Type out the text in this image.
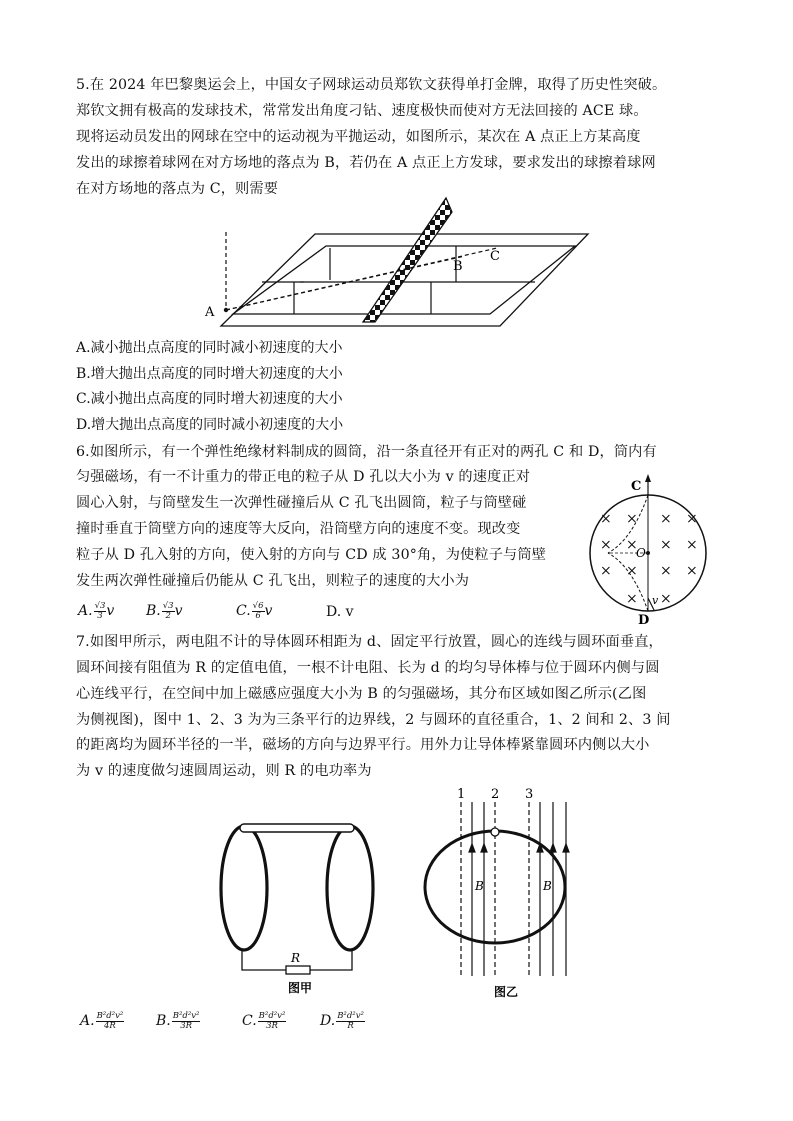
5.在 2024 年巴黎奥运会上，中国女子网球运动员郑钦文获得单打金牌，取得了历史性突破。
郑钦文拥有极高的发球技术，常常发出角度刁钻、速度极快而使对方无法回接的 ACE 球。
现将运动员发出的网球在空中的运动视为平抛运动，如图所示，某次在 A 点正上方某高度
发出的球擦着球网在对方场地的落点为 B，若仍在 A 点正上方发球，要求发出的球擦着球网
在对方场地的落点为 C，则需要
A
B
C
A.减小抛出点高度的同时减小初速度的大小
B.增大抛出点高度的同时增大初速度的大小
C.减小抛出点高度的同时增大初速度的大小
D.增大抛出点高度的同时减小初速度的大小
6.如图所示，有一个弹性绝缘材料制成的圆筒，沿一条直径开有正对的两孔 C 和 D，筒内有
匀强磁场，有一不计重力的带正电的粒子从 D 孔以大小为 v 的速度正对
圆心入射，与筒壁发生一次弹性碰撞后从 C 孔飞出圆筒，粒子与筒壁碰
撞时垂直于筒壁方向的速度等大反向，沿筒壁方向的速度不变。现改变
粒子从 D 孔入射的方向，使入射的方向与 CD 成 30°角，为使粒子与筒壁
发生两次弹性碰撞后仍能从 C 孔飞出，则粒子的速度的大小为
C
D
O
v
× × × ×
× × × ×
× × × ×
× ×
A. $\frac{√3}{3}$ v B. $\frac{√3}{2}$ v	C. $\frac{√6}{6}$ v	D. v
7.如图甲所示，两电阻不计的导体圆环相距为 d、固定平行放置，圆心的连线与圆环面垂直，
圆环间接有阻值为 R 的定值电值，一根不计电阻、长为 d 的均匀导体棒与位于圆环内侧与圆
心连线平行，在空间中加上磁感应强度大小为 B 的匀强磁场，其分布区域如图乙所示(乙图
为侧视图)，图中 1、2、3 为为三条平行的边界线，2 与圆环的直径重合，1、2 间和 2、3 间
的距离均为圆环半径的一半，磁场的方向与边界平行。用外力让导体棒紧靠圆环内侧以大小
为 v 的速度做匀速圆周运动，则 R 的电功率为
R
图甲
1 2 3
B	B
图乙
A. $\frac{\text{B²d²v²}}{4R} B$. $\frac{\text{B²d²v²}}{3R}$	C. $\frac{\text{B²d²v²}}{3R} D$. $\frac{\text{B²d²v²}}{R}$
